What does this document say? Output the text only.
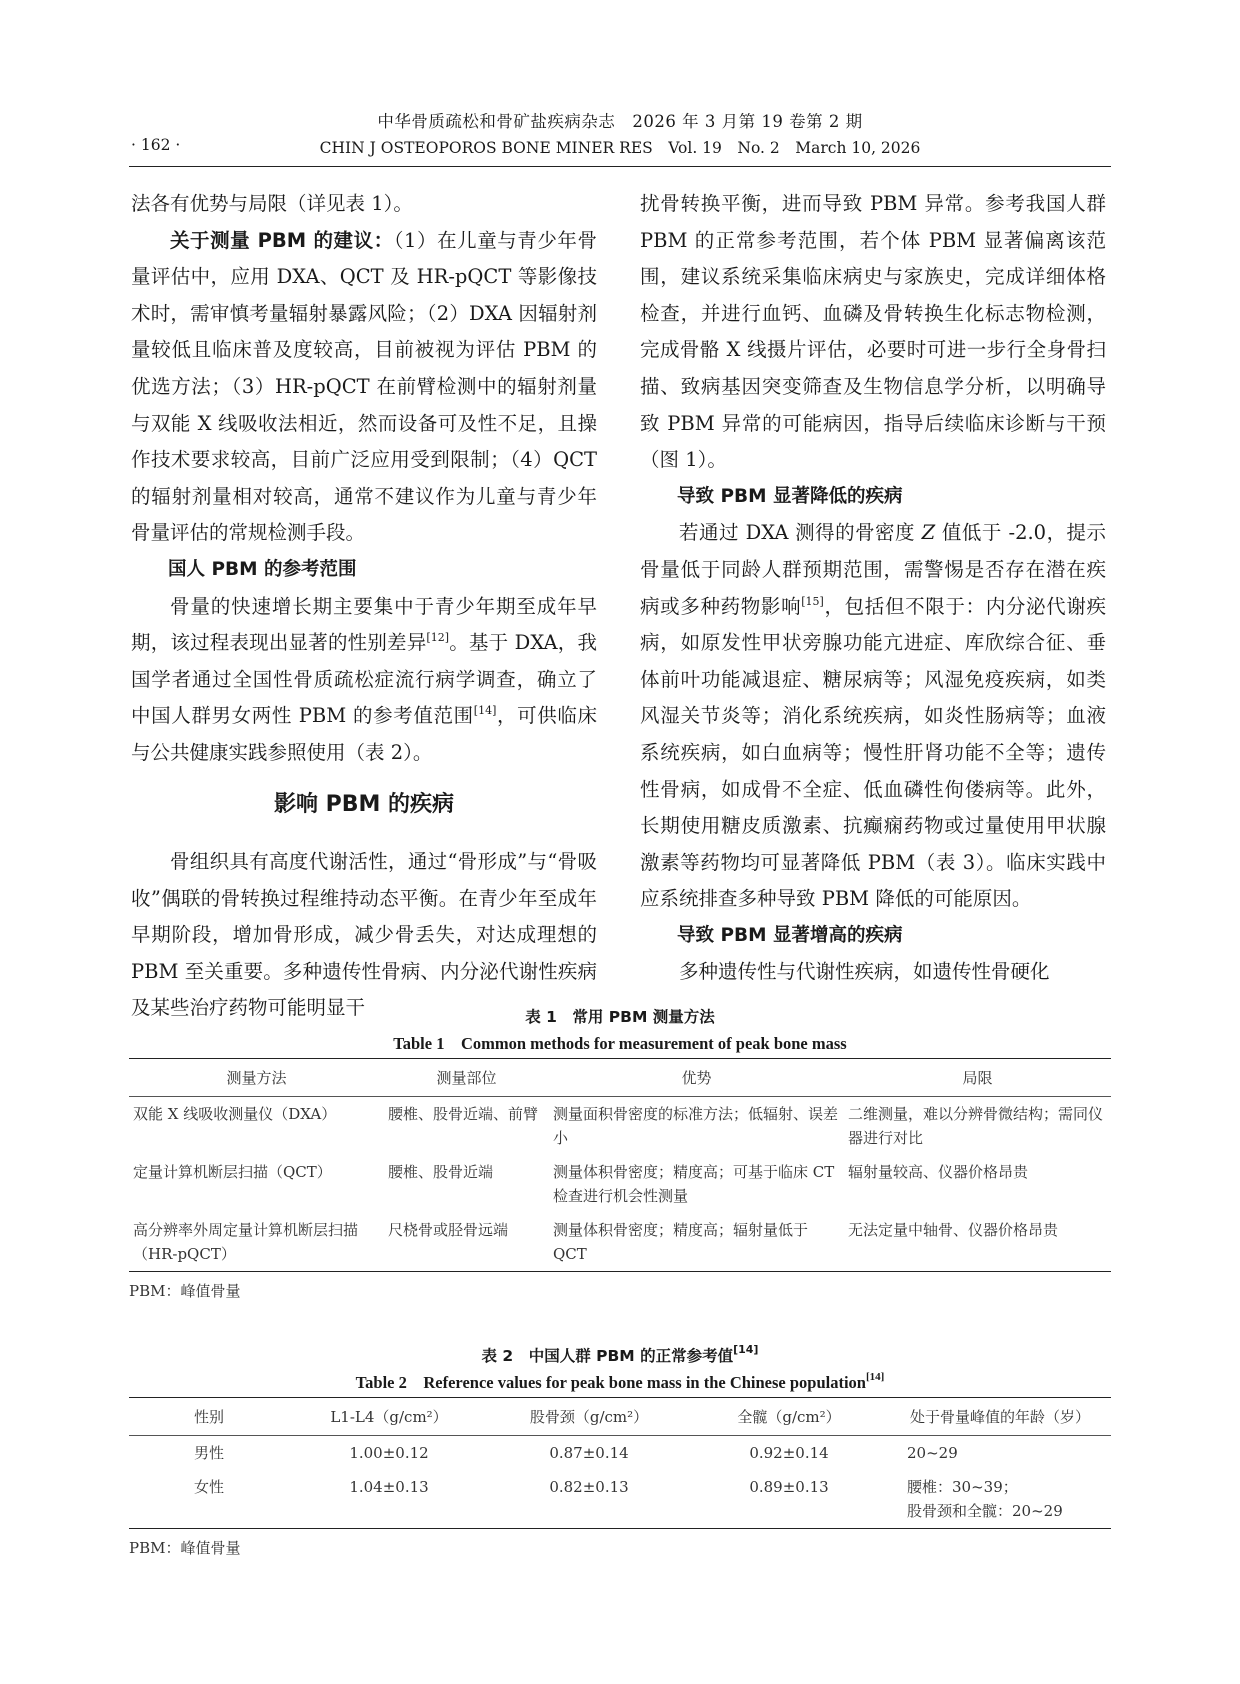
中华骨质疏松和骨矿盐疾病杂志　2026 年 3 月第 19 卷第 2 期
· 162 ·	CHIN J OSTEOPOROS BONE MINER RES　Vol. 19　No. 2　March 10, 2026

法各有优势与局限（详见表 1）。

关于测量 PBM 的建议：（1）在儿童与青少年骨量评估中，应用 DXA、QCT 及 HR-pQCT 等影像技术时，需审慎考量辐射暴露风险；（2）DXA 因辐射剂量较低且临床普及度较高，目前被视为评估 PBM 的优选方法；（3）HR-pQCT 在前臂检测中的辐射剂量与双能 X 线吸收法相近，然而设备可及性不足，且操作技术要求较高，目前广泛应用受到限制；（4）QCT 的辐射剂量相对较高，通常不建议作为儿童与青少年骨量评估的常规检测手段。

国人 PBM 的参考范围

骨量的快速增长期主要集中于青少年期至成年早期，该过程表现出显著的性别差异[12]。基于 DXA，我国学者通过全国性骨质疏松症流行病学调查，确立了中国人群男女两性 PBM 的参考值范围[14]，可供临床与公共健康实践参照使用（表 2）。

影响 PBM 的疾病

骨组织具有高度代谢活性，通过“骨形成”与“骨吸收”偶联的骨转换过程维持动态平衡。在青少年至成年早期阶段，增加骨形成，减少骨丢失，对达成理想的 PBM 至关重要。多种遗传性骨病、内分泌代谢性疾病及某些治疗药物可能明显干

扰骨转换平衡，进而导致 PBM 异常。参考我国人群 PBM 的正常参考范围，若个体 PBM 显著偏离该范围，建议系统采集临床病史与家族史，完成详细体格检查，并进行血钙、血磷及骨转换生化标志物检测，完成骨骼 X 线摄片评估，必要时可进一步行全身骨扫描、致病基因突变筛查及生物信息学分析，以明确导致 PBM 异常的可能病因，指导后续临床诊断与干预（图 1）。

导致 PBM 显著降低的疾病

若通过 DXA 测得的骨密度 Z 值低于 -2.0，提示骨量低于同龄人群预期范围，需警惕是否存在潜在疾病或多种药物影响[15]，包括但不限于：内分泌代谢疾病，如原发性甲状旁腺功能亢进症、库欣综合征、垂体前叶功能减退症、糖尿病等；风湿免疫疾病，如类风湿关节炎等；消化系统疾病，如炎性肠病等；血液系统疾病，如白血病等；慢性肝肾功能不全等；遗传性骨病，如成骨不全症、低血磷性佝偻病等。此外，长期使用糖皮质激素、抗癫痫药物或过量使用甲状腺激素等药物均可显著降低 PBM（表 3）。临床实践中应系统排查多种导致 PBM 降低的可能原因。

导致 PBM 显著增高的疾病

多种遗传性与代谢性疾病，如遗传性骨硬化

表 1　常用 PBM 测量方法
Table 1　Common methods for measurement of peak bone mass
测量方法	测量部位	优势	局限
双能 X 线吸收测量仪（DXA）	腰椎、股骨近端、前臂	测量面积骨密度的标准方法；低辐射、误差小	二维测量，难以分辨骨微结构；需同仪器进行对比
定量计算机断层扫描（QCT）	腰椎、股骨近端	测量体积骨密度；精度高；可基于临床 CT 检查进行机会性测量	辐射量较高、仪器价格昂贵
高分辨率外周定量计算机断层扫描（HR-pQCT）	尺桡骨或胫骨远端	测量体积骨密度；精度高；辐射量低于 QCT	无法定量中轴骨、仪器价格昂贵
PBM：峰值骨量
表 2　中国人群 PBM 的正常参考值[14]
Table 2　Reference values for peak bone mass in the Chinese population[14]
性别	L1-L4（g/cm²）	股骨颈（g/cm²）	全髋（g/cm²）	处于骨量峰值的年龄（岁）
男性	1.00±0.12	0.87±0.14	0.92±0.14	20~29

女性	1.04±0.13	0.82±0.13	0.89±0.13	腰椎：30~39；
股骨颈和全髋：20~29
PBM：峰值骨量
